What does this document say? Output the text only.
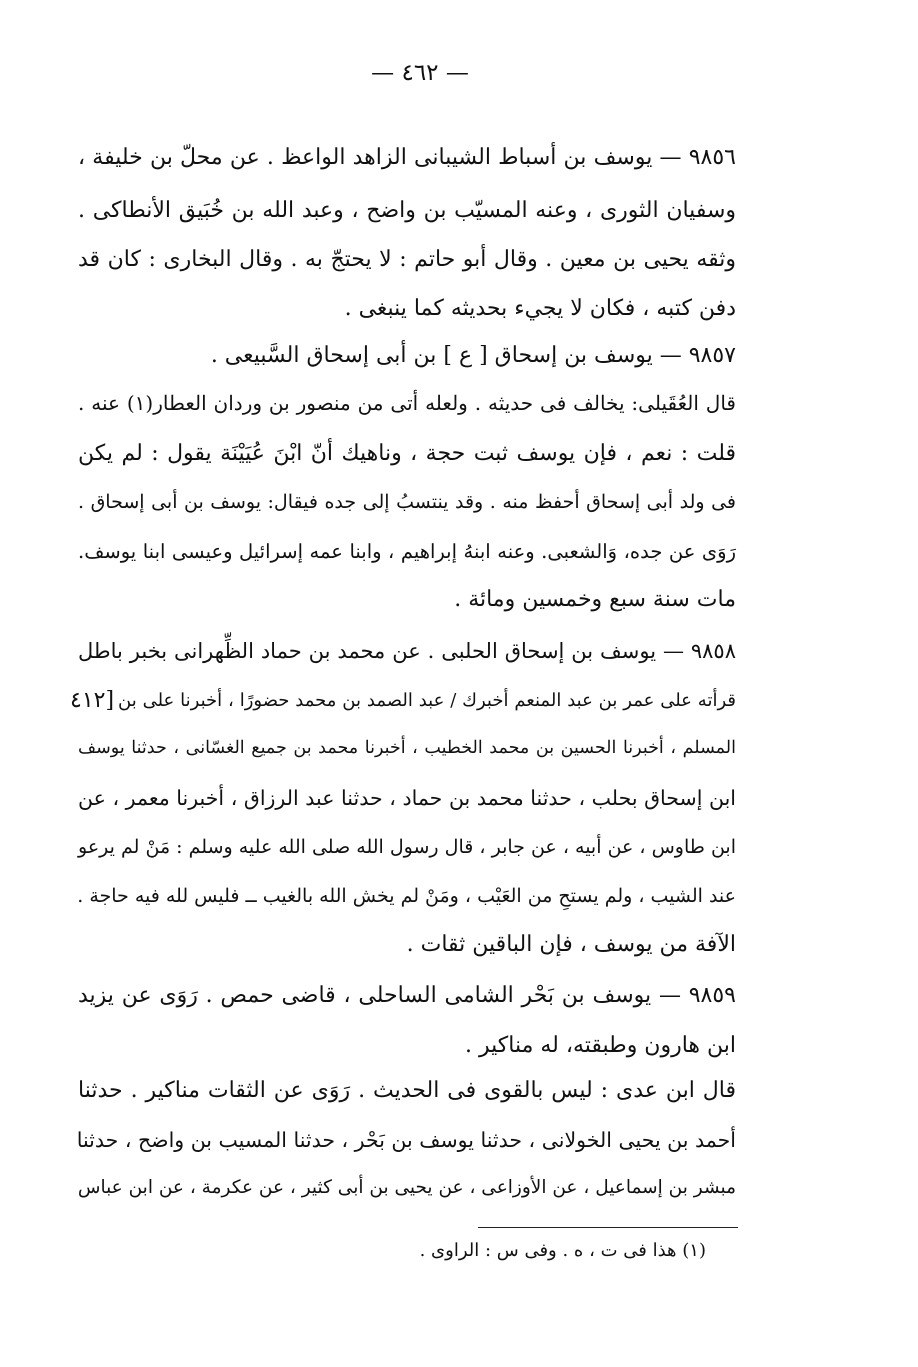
— ٤٦٢ —
[٤١٢
٩٨٥٦ — يوسف بن أسباط الشيبانى الزاهد الواعظ . عن محلّ بن خليفة ،
وسفيان الثورى ، وعنه المسيّب بن واضح ، وعبد الله بن خُبَيق الأنطاكى .
وثقه يحيى بن معين . وقال أبو حاتم : لا يحتجّ به . وقال البخارى : كان قد
دفن كتبه ، فكان لا يجيء بحديثه كما ينبغى .
٩٨٥٧ — يوسف بن إسحاق [ ع ] بن أبى إسحاق السَّبيعى .
قال العُقَيلى: يخالف فى حديثه . ولعله أتى من منصور بن وردان العطار(١) عنه .
قلت : نعم ، فإن يوسف ثبت حجة ، وناهيك أنّ ابْنَ عُيَيْنَة يقول : لم يكن
فى ولد أبى إسحاق أحفظ منه . وقد ينتسبُ إلى جده فيقال: يوسف بن أبى إسحاق .
رَوَى عن جده، وَالشعبى. وعنه ابنهُ إبراهيم ، وابنا عمه إسرائيل وعيسى ابنا يوسف.
مات سنة سبع وخمسين ومائة .
٩٨٥٨ — يوسف بن إسحاق الحلبى . عن محمد بن حماد الظِّهرانى بخبر باطل
قرأته على عمر بن عبد المنعم أخبرك / عبد الصمد بن محمد حضورًا ، أخبرنا على بن
المسلم ، أخبرنا الحسين بن محمد الخطيب ، أخبرنا محمد بن جميع الغسّانى ، حدثنا يوسف
ابن إسحاق بحلب ، حدثنا محمد بن حماد ، حدثنا عبد الرزاق ، أخبرنا معمر ، عن
ابن طاوس ، عن أبيه ، عن جابر ، قال رسول الله صلى الله عليه وسلم : مَنْ لم يرعو
عند الشيب ، ولم يستحِ من العَيْب ، ومَنْ لم يخش الله بالغيب ــ فليس لله فيه حاجة .
الآفة من يوسف ، فإن الباقين ثقات .
٩٨٥٩ — يوسف بن بَحْر الشامى الساحلى ، قاضى حمص . رَوَى عن يزيد
ابن هارون وطبقته، له مناكير .
قال ابن عدى : ليس بالقوى فى الحديث . رَوَى عن الثقات مناكير . حدثنا
أحمد بن يحيى الخولانى ، حدثنا يوسف بن بَحْر ، حدثنا المسيب بن واضح ، حدثنا
مبشر بن إسماعيل ، عن الأوزاعى ، عن يحيى بن أبى كثير ، عن عكرمة ، عن ابن عباس
(١) هذا فى ت ، ه . وفى س : الراوى .
